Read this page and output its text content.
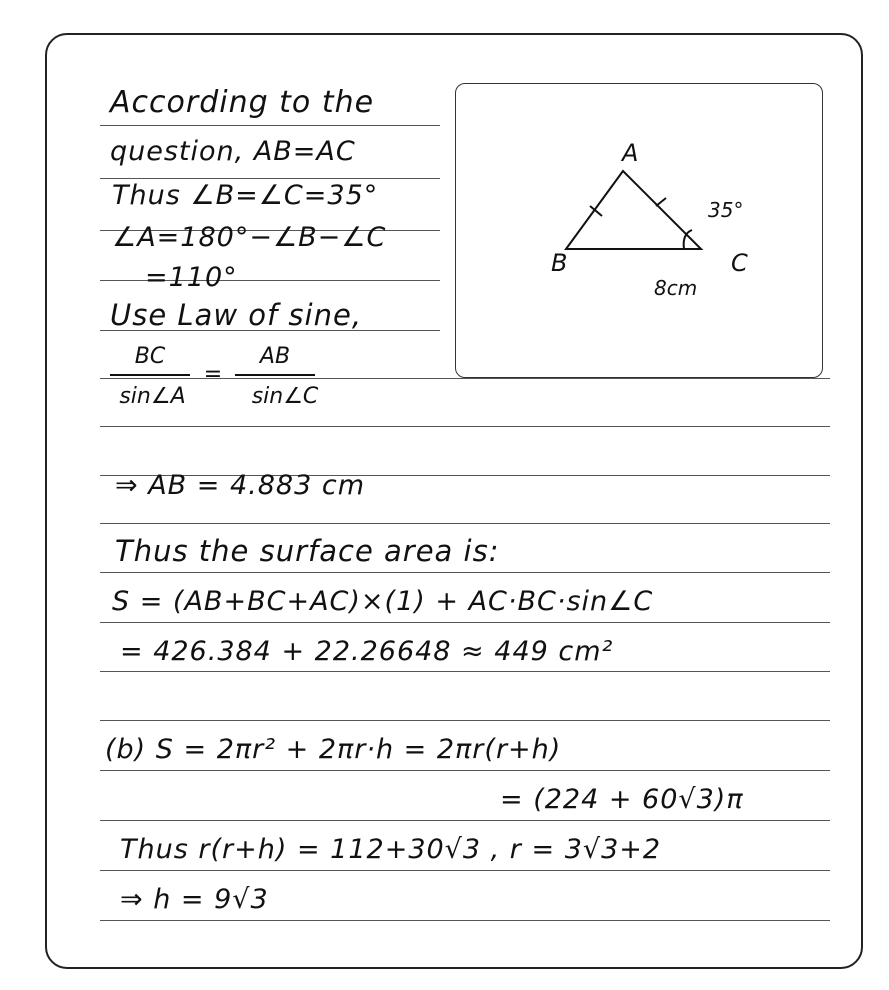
According to the
question, AB=AC
Thus ∠B=∠C=35°
∠A=180°−∠B−∠C
=110°
Use Law of sine,
BC
sin∠A
=
AB
sin∠C
⇒ AB = 4.883 cm
Thus the surface area is:
S = (AB+BC+AC)×(1) + AC·BC·sin∠C
= 426.384 + 22.26648 ≈ 449 cm²
(b) S = 2πr² + 2πr·h = 2πr(r+h)
= (224 + 60√3)π
Thus r(r+h) = 112+30√3 , r = 3√3+2
⇒ h = 9√3
A
B	C
8cm
35°
